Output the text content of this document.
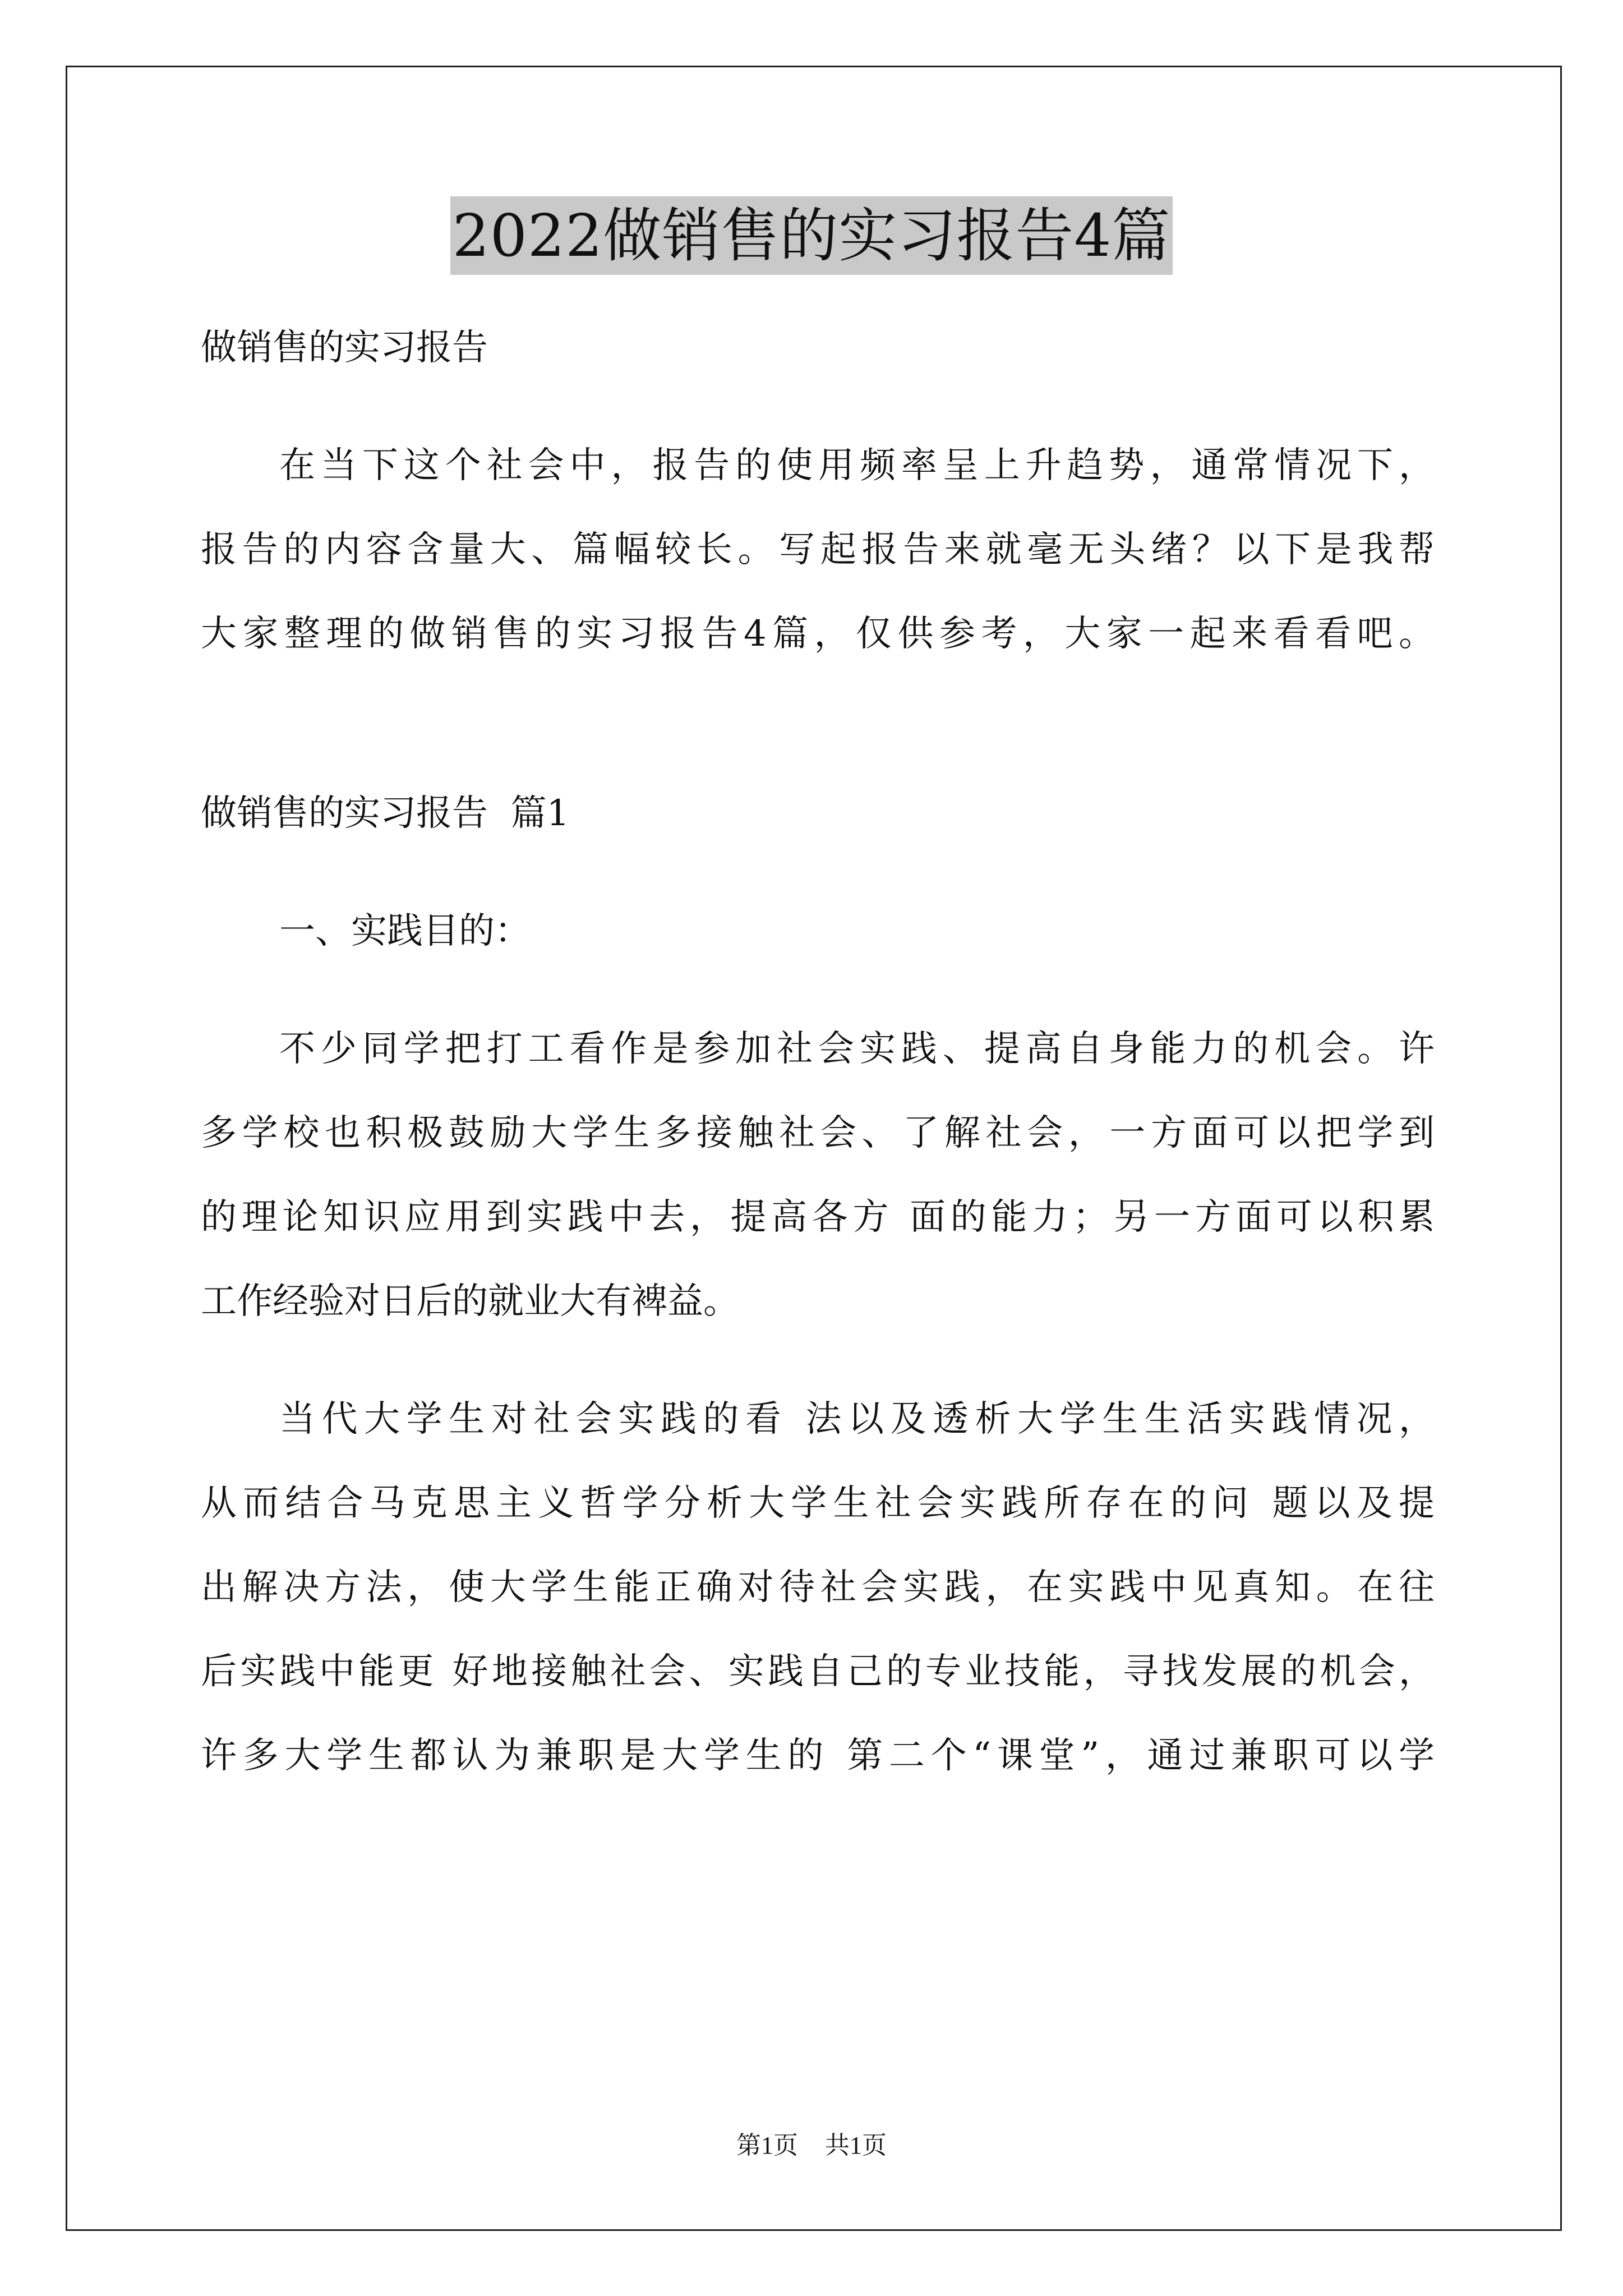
2022做销售的实习报告4篇
做销售的实习报告
在当下这个社会中，报告的使用频率呈上升趋势，通常情况下，
报告的内容含量大、篇幅较长。写起报告来就毫无头绪？以下是我帮
大家整理的做销售的实习报告4篇，仅供参考，大家一起来看看吧。
做销售的实习报告  篇1
一、实践目的：
不少同学把打工看作是参加社会实践、提高自身能力的机会。许
多学校也积极鼓励大学生多接触社会、了解社会，一方面可以把学到
的理论知识应用到实践中去，提高各方 面的能力；另一方面可以积累
工作经验对日后的就业大有裨益。
当代大学生对社会实践的看 法以及透析大学生生活实践情况，
从而结合马克思主义哲学分析大学生社会实践所存在的问 题以及提
出解决方法，使大学生能正确对待社会实践，在实践中见真知。在往
后实践中能更 好地接触社会、实践自己的专业技能，寻找发展的机会，
许多大学生都认为兼职是大学生的 第二个“课堂”，通过兼职可以学
第1页 共1页
